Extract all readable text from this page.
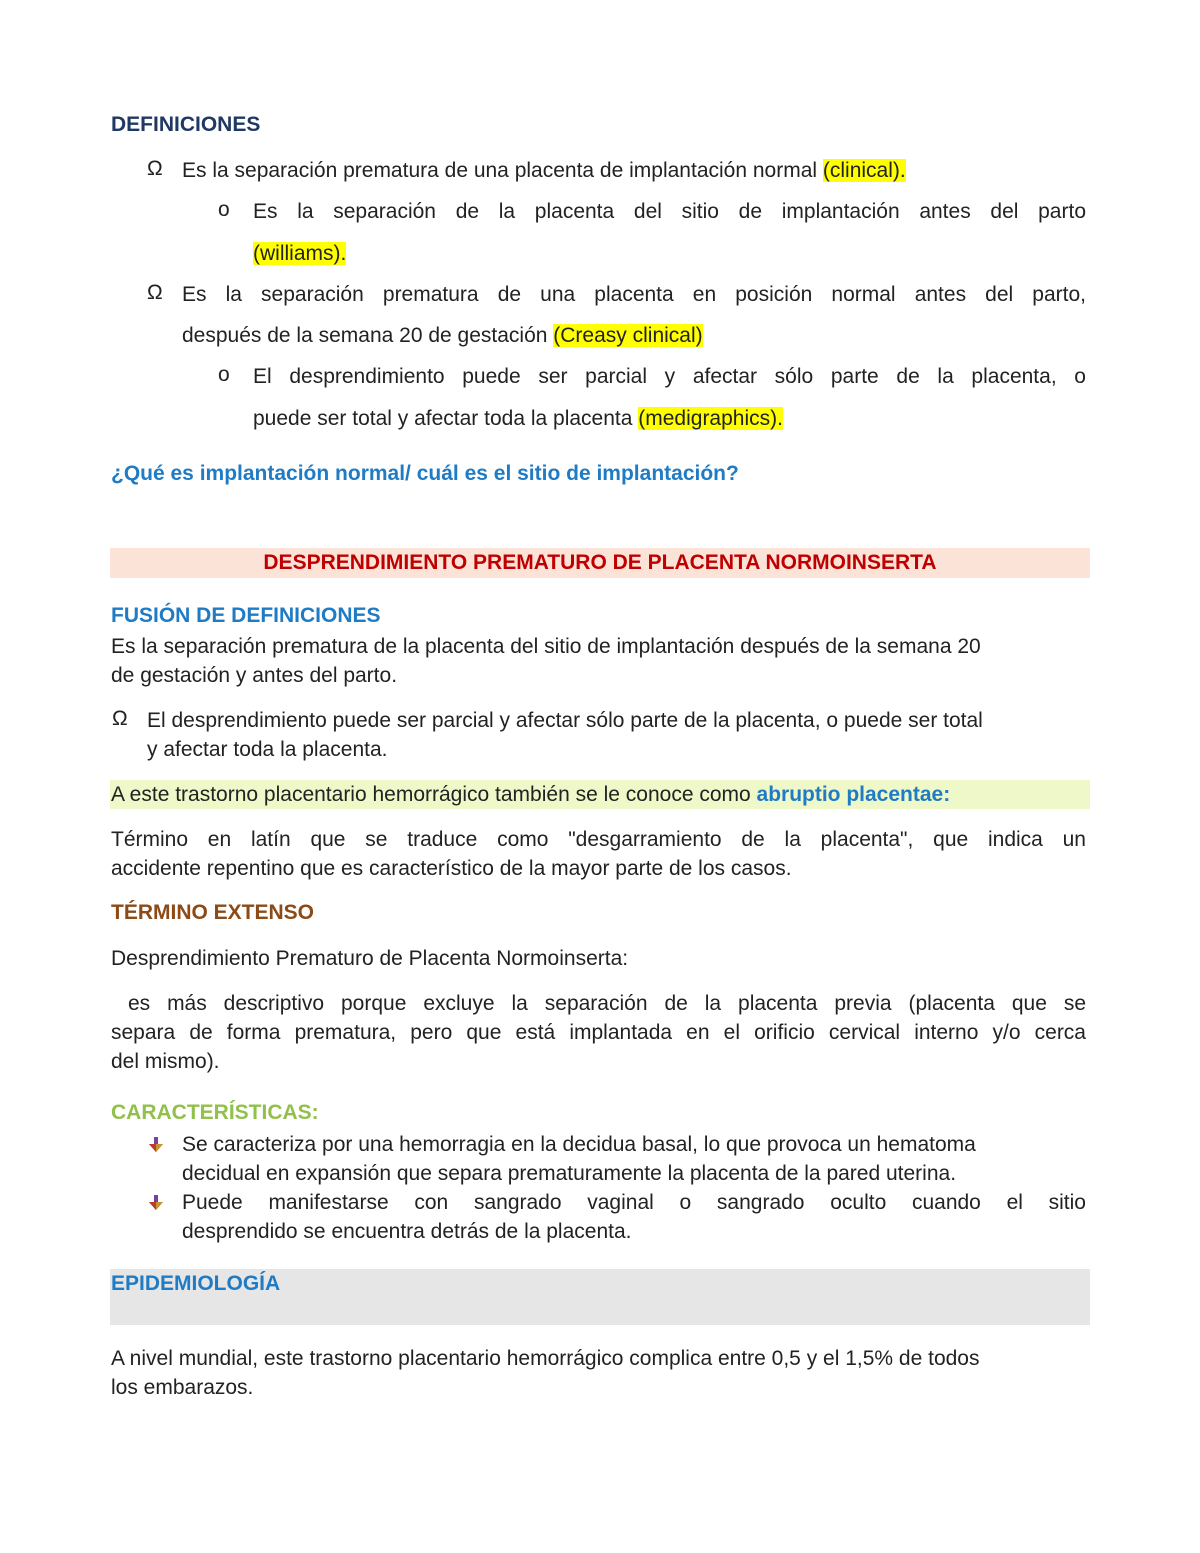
DEFINICIONES
Ω Es la separación prematura de una placenta de implantación normal (clinical).
o Es la separación de la placenta del sitio de implantación antes del parto
(williams).
Ω Es la separación prematura de una placenta en posición normal antes del parto,
después de la semana 20 de gestación (Creasy clinical)
o El desprendimiento puede ser parcial y afectar sólo parte de la placenta, o
puede ser total y afectar toda la placenta (medigraphics).
¿Qué es implantación normal/ cuál es el sitio de implantación?
DESPRENDIMIENTO PREMATURO DE PLACENTA NORMOINSERTA
FUSIÓN DE DEFINICIONES
Es la separación prematura de la placenta del sitio de implantación después de la semana 20
de gestación y antes del parto.
Ω El desprendimiento puede ser parcial y afectar sólo parte de la placenta, o puede ser total
y afectar toda la placenta.
A este trastorno placentario hemorrágico también se le conoce como abruptio placentae:
Término en latín que se traduce como "desgarramiento de la placenta", que indica un
accidente repentino que es característico de la mayor parte de los casos.
TÉRMINO EXTENSO
Desprendimiento Prematuro de Placenta Normoinserta:
es más descriptivo porque excluye la separación de la placenta previa (placenta que se
separa de forma prematura, pero que está implantada en el orificio cervical interno y/o cerca
del mismo).
CARACTERÍSTICAS:
Se caracteriza por una hemorragia en la decidua basal, lo que provoca un hematoma
decidual en expansión que separa prematuramente la placenta de la pared uterina.
Puede manifestarse con sangrado vaginal o sangrado oculto cuando el sitio
desprendido se encuentra detrás de la placenta.
EPIDEMIOLOGÍA
A nivel mundial, este trastorno placentario hemorrágico complica entre 0,5 y el 1,5% de todos
los embarazos.
